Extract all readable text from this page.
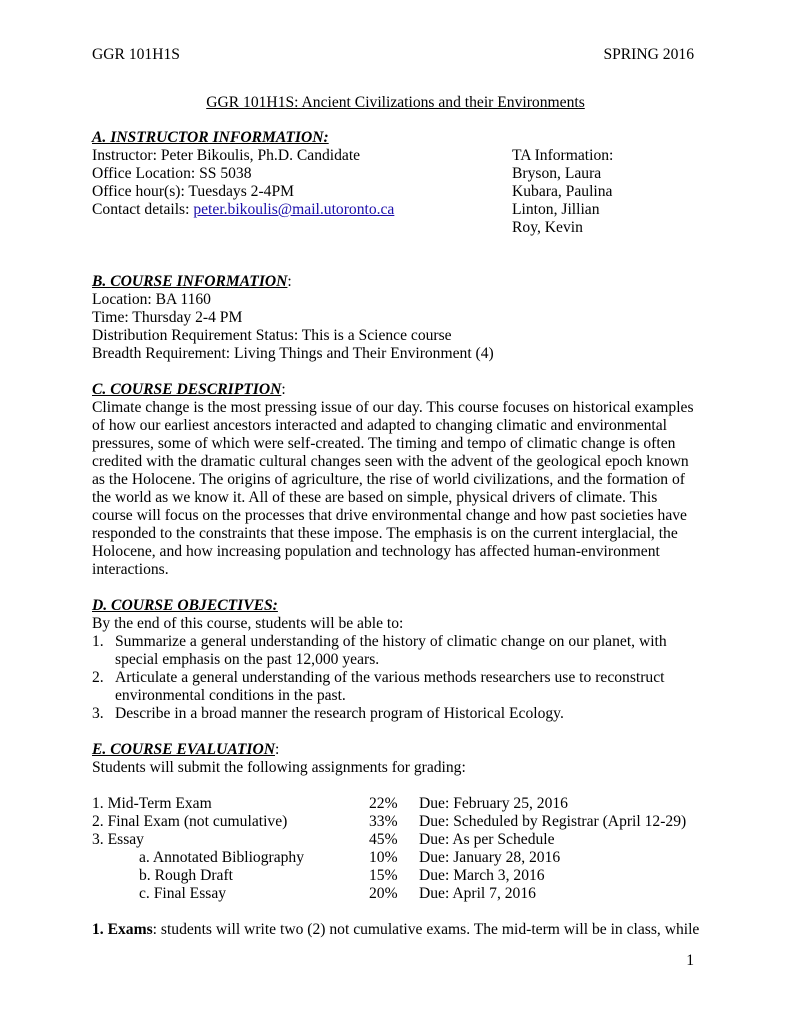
GGR 101H1S	SPRING 2016
GGR 101H1S: Ancient Civilizations and their Environments
A. INSTRUCTOR INFORMATION:
Instructor: Peter Bikoulis, Ph.D. Candidate
Office Location: SS 5038
Office hour(s): Tuesdays 2-4PM
Contact details: peter.bikoulis@mail.utoronto.ca
TA Information:
Bryson, Laura
Kubara, Paulina
Linton, Jillian
Roy, Kevin
B. COURSE INFORMATION:
Location: BA 1160
Time: Thursday 2-4 PM
Distribution Requirement Status: This is a Science course
Breadth Requirement: Living Things and Their Environment (4)
C. COURSE DESCRIPTION:
Climate change is the most pressing issue of our day. This course focuses on historical examples
of how our earliest ancestors interacted and adapted to changing climatic and environmental
pressures, some of which were self-created. The timing and tempo of climatic change is often
credited with the dramatic cultural changes seen with the advent of the geological epoch known
as the Holocene. The origins of agriculture, the rise of world civilizations, and the formation of
the world as we know it. All of these are based on simple, physical drivers of climate. This
course will focus on the processes that drive environmental change and how past societies have
responded to the constraints that these impose. The emphasis is on the current interglacial, the
Holocene, and how increasing population and technology has affected human-environment
interactions.
D. COURSE OBJECTIVES:
By the end of this course, students will be able to:
1. Summarize a general understanding of the history of climatic change on our planet, with
special emphasis on the past 12,000 years.
2. Articulate a general understanding of the various methods researchers use to reconstruct
environmental conditions in the past.
3. Describe in a broad manner the research program of Historical Ecology.
E. COURSE EVALUATION:
Students will submit the following assignments for grading:
1. Mid-Term Exam	22% Due: February 25, 2016
2. Final Exam (not cumulative)	33% Due: Scheduled by Registrar (April 12-29)
3. Essay	45% Due: As per Schedule
a. Annotated Bibliography	10% Due: January 28, 2016
b. Rough Draft	15% Due: March 3, 2016
c. Final Essay	20% Due: April 7, 2016
1. Exams: students will write two (2) not cumulative exams. The mid-term will be in class, while
1
